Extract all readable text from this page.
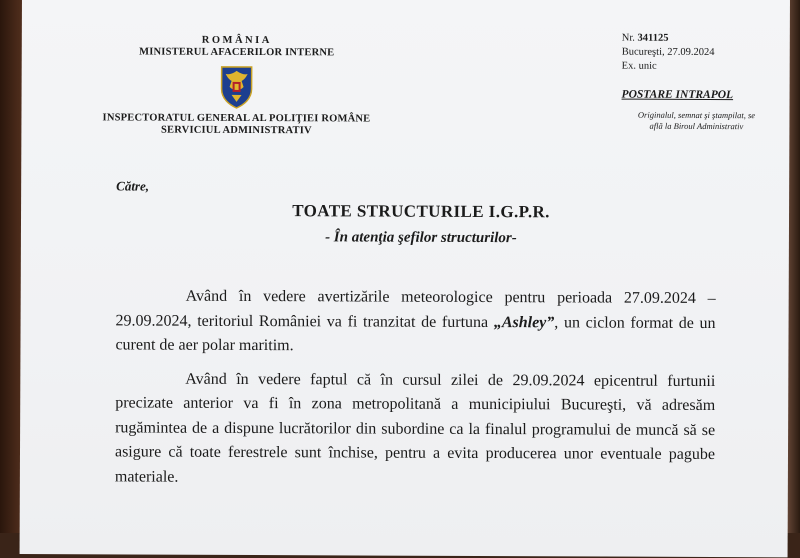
ROMÂNIA
MINISTERUL AFACERILOR INTERNE
INSPECTORATUL GENERAL AL POLIŢIEI ROMÂNE
SERVICIUL ADMINISTRATIV
Nr. 341125
Bucureşti, 27.09.2024
Ex. unic
POSTARE INTRAPOL
Originalul, semnat şi ştampilat, se
află la Biroul Administrativ
Către,
TOATE STRUCTURILE I.G.P.R.
- În atenţia şefilor structurilor-

Având în vedere avertizările meteorologice pentru perioada 27.09.2024 – 29.09.2024, teritoriul României va fi tranzitat de furtuna „Ashley”, un ciclon format de un curent de aer polar maritim.

Având în vedere faptul că în cursul zilei de 29.09.2024 epicentrul furtunii precizate anterior va fi în zona metropolitană a municipiului Bucureşti, vă adresăm rugămintea de a dispune lucrătorilor din subordine ca la finalul programului de muncă să se asigure că toate ferestrele sunt închise, pentru a evita producerea unor eventuale pagube materiale.
